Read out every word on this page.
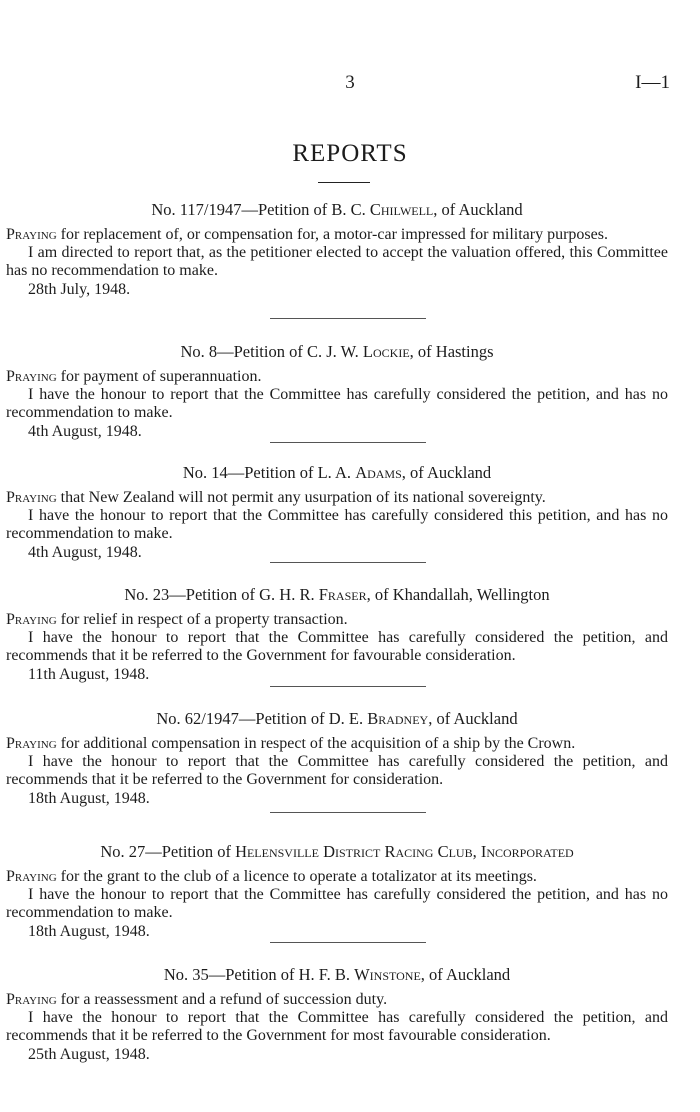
3	I—1
REPORTS
No. 117/1947—Petition of B. C. Chilwell, of Auckland

Praying for replacement of, or compensation for, a motor-car impressed for military purposes.

I am directed to report that, as the petitioner elected to accept the valuation offered, this Committee has no recommendation to make.

28th July, 1948.

No. 8—Petition of C. J. W. Lockie, of Hastings

Praying for payment of superannuation.

I have the honour to report that the Committee has carefully considered the petition, and has no recommendation to make.

4th August, 1948.

No. 14—Petition of L. A. Adams, of Auckland

Praying that New Zealand will not permit any usurpation of its national sovereignty.

I have the honour to report that the Committee has carefully considered this petition, and has no recommendation to make.

4th August, 1948.

No. 23—Petition of G. H. R. Fraser, of Khandallah, Wellington

Praying for relief in respect of a property transaction.

I have the honour to report that the Committee has carefully considered the petition, and recommends that it be referred to the Government for favourable consideration.

11th August, 1948.

No. 62/1947—Petition of D. E. Bradney, of Auckland

Praying for additional compensation in respect of the acquisition of a ship by the Crown.

I have the honour to report that the Committee has carefully considered the petition, and recommends that it be referred to the Government for consideration.

18th August, 1948.

No. 27—Petition of Helensville District Racing Club, Incorporated

Praying for the grant to the club of a licence to operate a totalizator at its meetings.

I have the honour to report that the Committee has carefully considered the petition, and has no recommendation to make.

18th August, 1948.

No. 35—Petition of H. F. B. Winstone, of Auckland

Praying for a reassessment and a refund of succession duty.

I have the honour to report that the Committee has carefully considered the petition, and recommends that it be referred to the Government for most favourable consideration.

25th August, 1948.
